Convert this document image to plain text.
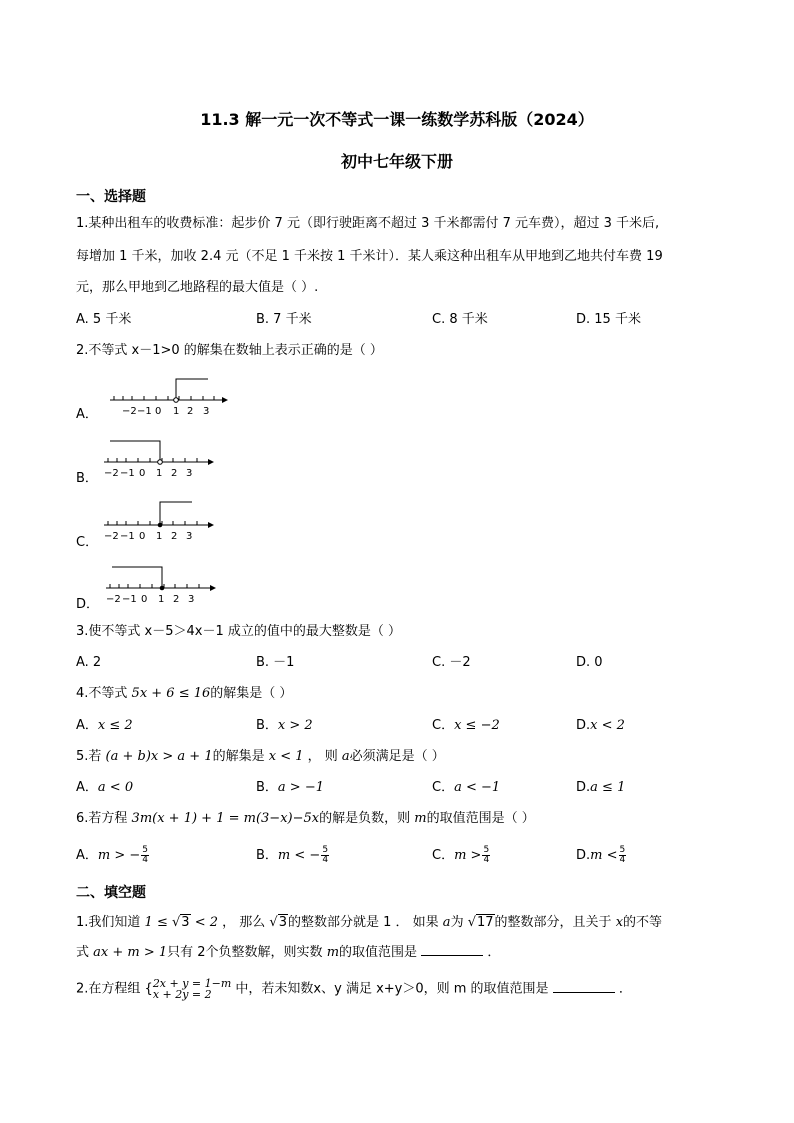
11.3 解一元一次不等式一课一练数学苏科版（2024）
初中七年级下册
一、选择题
1.某种出租车的收费标准：起步价 7 元（即行驶距离不超过 3 千米都需付 7 元车费），超过 3 千米后,
每增加 1 千米，加收 2.4 元（不足 1 千米按 1 千米计）．某人乘这种出租车从甲地到乙地共付车费 19
元，那么甲地到乙地路程的最大值是（ ）.
A. 5 千米	B. 7 千米	C. 8 千米	D. 15 千米
2.不等式 x－1>0 的解集在数轴上表示正确的是（ ）
A． −2 −1 0 1 2 3
B． −2 −1 0 1 2 3
C． −2 −1 0 1 2 3
D． −2 −1 0 1 2 3
3.使不等式 x－5＞4x－1 成立的值中的最大整数是（ ）
A. 2	B. －1	C. －2	D. 0
4.不等式 5x + 6 ≤ 16的解集是（ ）
A．x ≤ 2	B．x > 2	C．x ≤ −2	D.x < 2
5.若 (a + b)x > a + 1的解集是 x < 1 ， 则 a必须满足是（ ）
A．a < 0	B．a > −1	C．a < −1	D.a ≤ 1
6.若方程 3m(x + 1) + 1 = m(3−x)−5x的解是负数，则 m的取值范围是（ ）
A．m > − $\frac{5}{4}$	B．m < − $\frac{5}{4}$	C．$m > \frac{5}{4}$	$D.m < \frac{5}{4}$
二、填空题
1.我们知道 1 ≤ √3 < 2 ， 那么 √3的整数部分就是 1 ． 如果 a为 √17的整数部分，且关于 x的不等
式 ax + m > 1只有 2个负整数解，则实数 m的取值范围是	．
2.在方程组 { 2x + y = 1−m
x + 2y = 2	中，若未知数x、y 满足 x+y＞0，则 m 的取值范围是	．
